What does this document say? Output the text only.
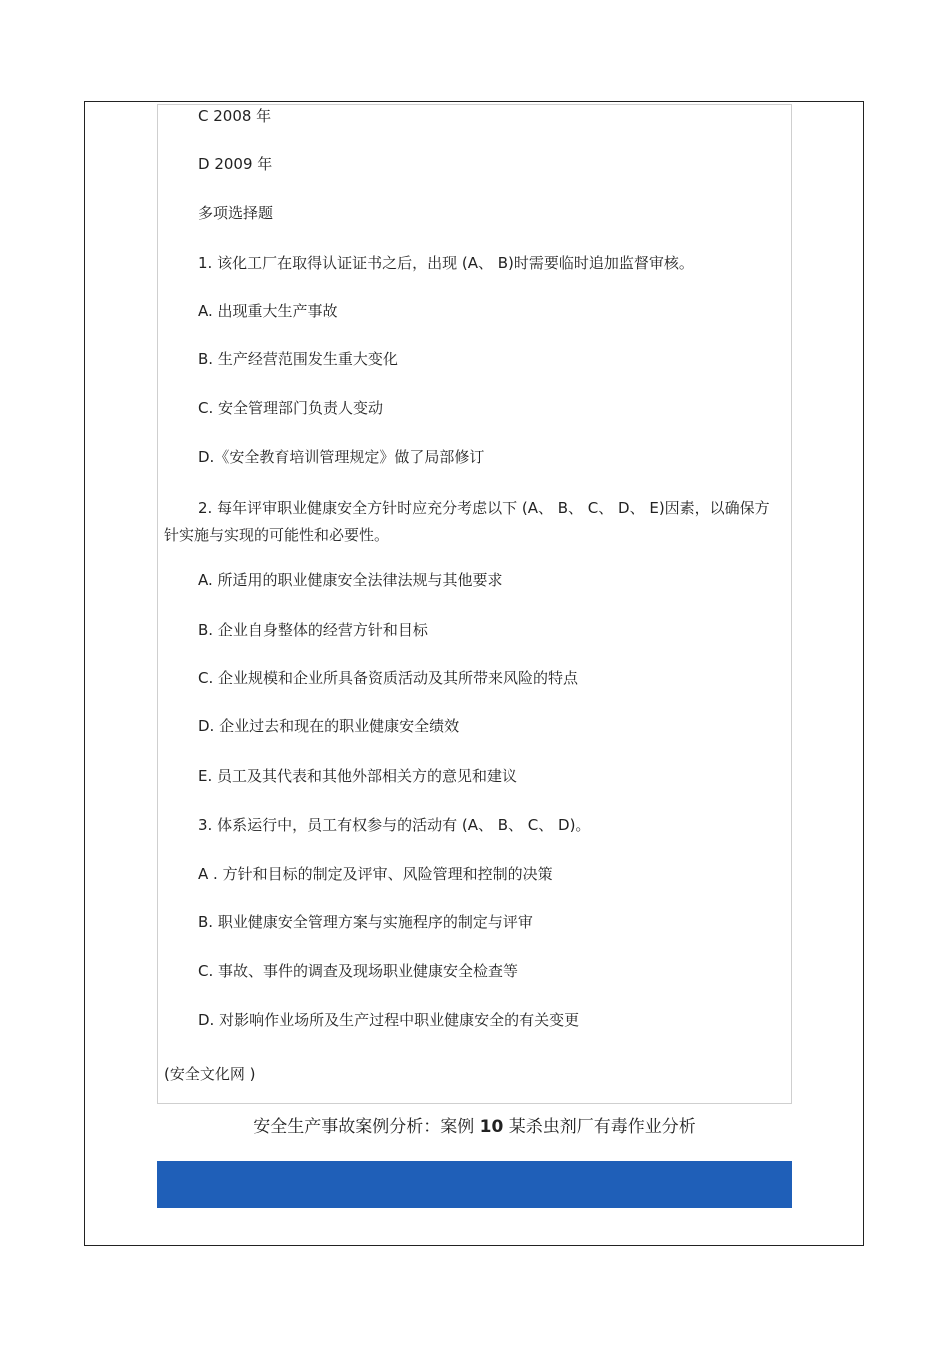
C 2008 年
D 2009 年
多项选择题
1. 该化工厂在取得认证证书之后，出现 (A、 B)时需要临时追加监督审核。
A. 出现重大生产事故
B. 生产经营范围发生重大变化
C. 安全管理部门负责人变动
D.《安全教育培训管理规定》做了局部修订
2. 每年评审职业健康安全方针时应充分考虑以下 (A、 B、 C、 D、 E)因素，以确保方针实施与实现的可能性和必要性。
A. 所适用的职业健康安全法律法规与其他要求
B. 企业自身整体的经营方针和目标
C. 企业规模和企业所具备资质活动及其所带来风险的特点
D. 企业过去和现在的职业健康安全绩效
E. 员工及其代表和其他外部相关方的意见和建议
3. 体系运行中，员工有权参与的活动有 (A、 B、 C、 D)。
A . 方针和目标的制定及评审、风险管理和控制的决策
B. 职业健康安全管理方案与实施程序的制定与评审
C. 事故、事件的调查及现场职业健康安全检查等
D. 对影响作业场所及生产过程中职业健康安全的有关变更
(安全文化网 )
安全生产事故案例分析：案例 10 某杀虫剂厂有毒作业分析
